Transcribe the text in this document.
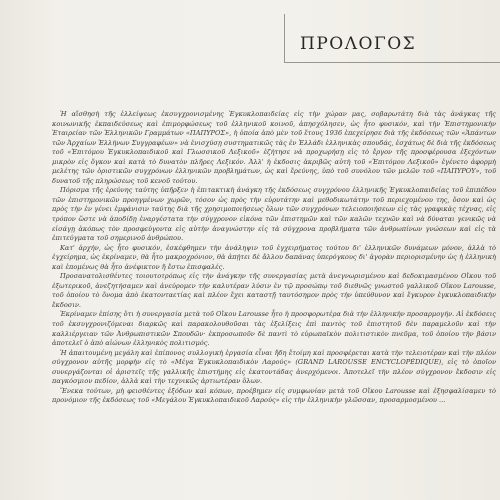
ΠΡΟΛΟΓΟΣ

Ἡ αἴσθησὴ τῆς ἐλλείψεως ἐκσυγχρονισμένης Ἐγκυκλοπαιδείας εἰς τὴν χώραν μας, σοβαρωτάτη διὰ τὰς ἀνάγκας τῆς κοινωνικῆς ἐκπαιδεύσεως καὶ ἐπιμορφώσεως τοῦ ἑλληνικοῦ κοινοῦ, ἀπησχόλησεν, ὡς ἦτο φυσικόν, καὶ τὴν Ἐπιστημονικὴν Ἑταιρείαν τῶν Ἑλληνικῶν Γραμμάτων «ΠΑΠΥΡΟΣ», ἡ ὁποία ἀπὸ μὲν τοῦ ἔτους 1936 ἐπεχείρησε διὰ τῆς ἐκδόσεως τῶν «Ἁπάντων τῶν Ἀρχαίων Ἑλλήνων Συγγραφέων» νὰ ἐνισχύσῃ συστηματικῶς τὰς ἐν Ἑλλάδι ἑλληνικὰς σπουδάς, ἐσχάτως δὲ διὰ τῆς ἐκδόσεως τοῦ «Ἐπιτόμου Ἐγκυκλοπαιδικοῦ καὶ Γλωσσικοῦ Λεξικοῦ» ἐζήτησε νὰ προχωρήσῃ εἰς τὸ ἔργον τῆς προσφέρουσα ἐξεχόντων μικρὸν εἰς ὄγκον καὶ κατὰ τὸ δυνατὸν πλῆρες Λεξικόν. Ἀλλ' ἡ ἐκδοσις ἀκριβῶς αὐτὴ τοῦ «Ἐπιτόμου Λεξικοῦ» ἐγένετο ἀφορμὴ μελέτης τῶν ὁριστικῶν συγχρόνων ἑλληνικῶν προβλημάτων, ὡς καὶ ἔρεύνης, ὑπὸ τοῦ συνόλου τῶν μελῶν τοῦ «ΠΑΠΥΡΟΥ», τοῦ δυνατοῦ τῆς πληρώσεως τοῦ κενοῦ τούτου.

Πόρισμα τῆς ἐρεύνης ταύτης ὑπῆρξεν ἡ ἐπιτακτικὴ ἀνάγκη τῆς ἐκδόσεως συγχρόνου ἑλληνικῆς Ἐγκυκλοπαιδείας τοῦ ἐπιπέδου τῶν ἐπιστημονικῶν προηγμένων χωρῶν, τόσον ὡς πρὸς τὴν εὐρυτάτην καὶ μεθοδικωτάτην τοῦ περιεχομένου της, ὅσον καὶ ὡς πρὸς τὴν ἐν γένει ἐμφάνισιν ταύτης διὰ τῆς χρησιμοποιήσεως ὅλων τῶν συγχρόνων τελειοποιήσεων εἰς τὰς γραφικὰς τέχνας, εἰς τρόπον ὥστε νὰ ἀποδίδῃ ἐναργέστατα τὴν σύγχρονον εἰκόνα τῶν ἐπιστημῶν καὶ τῶν καλῶν τεχνῶν καὶ νὰ δύναται γενικῶς νὰ εἰσάγῃ ἀκόπως τὸν προσφεύγοντα εἰς αὐτὴν ἀναγνώστην εἰς τὰ σύγχρονα προβλήματα τῶν ἀνθρωπίνων γνώσεων καὶ εἰς τὰ ἐπιτεύγματα τοῦ σημερινοῦ ἀνθρώπου.

Κατ' ἀρχήν, ὡς ἦτο φυσικόν, ἐσκέφθημεν τὴν ἀνάληψιν τοῦ ἐγχειρήματος τούτου δι' ἑλληνικῶν δυνάμεων μόνον, ἀλλὰ τὸ ἐγχείρημα, ὡς ἐκρίναμεν, θὰ ἦτο μακροχρόνιον, θὰ ἀπῄτει δὲ ἄλλου δαπάνας ὑπερόγκους δι' ἀγορὰν περιορισμένην ὡς ἡ ἑλληνικὴ καὶ ἑπομένως θὰ ἦτο ἀνέφικτον ἢ ἔστω ἐπισφαλές.

Προσανατολισθέντες τοιουτοτρόπως εἰς τὴν ἀνάγκην τῆς συνεργασίας μετὰ ἀνεγνωρισμένου καὶ δεδοκιμασμένου Οἴκου τοῦ ἐξωτερικοῦ, ἀνεζητήσαμεν καὶ ἀνεύρομεν τὴν καλυτέραν λύσιν ἐν τῷ προσώπῳ τοῦ διεθνῶς γνωστοῦ γαλλικοῦ Οἴκου Larousse, τοῦ ὁποίου τὸ ὄνομα ἀπὸ ἑκατονταετίας καὶ πλέον ἔχει καταστῇ ταυτόσημον πρὸς τὴν ὑπεύθυνον καὶ ἔγκυρον ἐγκυκλοπαιδικὴν ἔκδοσιν.

Ἐκρίναμεν ἐπίσης ὅτι ἡ συνεργασία μετὰ τοῦ Οἴκου Larousse ἦτο ἡ προσφορωτέρα διὰ τὴν ἑλληνικὴν προσαρμογήν. Αἱ ἐκδόσεις τοῦ ἐκσυγχρονιζόμεναι διαρκῶς καὶ παρακολουθοῦσαι τὰς ἐξελίξεις ἐπὶ παντὸς τοῦ ἐπιστητοῦ δὲν παραμελοῦν καὶ τὴν καλλιέργειαν τῶν Ἀνθρωπιστικῶν Σπουδῶν· ἐκπροσωποῦν δὲ παντὶ τὸ εὐρωπαϊκὸν πολιτιστικὸν πνεῦμα, τοῦ ὁποίου τὴν βάσιν ἀποτελεῖ ὁ ἀπὸ αἰώνων ἑλληνικὸς πολιτισμός.

Ἡ ἀπαιτουμένη μεγάλη καὶ ἐπίπονος συλλογικὴ ἐργασία εἶναι ἤδη ἕτοίμη καὶ προσφέρεται κατὰ τὴν τελειοτέραν καὶ τὴν πλέον σύγχρονον αὐτῆς μορφὴν εἰς τὸ «Μέγα Ἐγκυκλοπαιδικὸν Λαρούς» (GRAND LAROUSSE ENCYCLOPÉDIQUE), εἰς τὸ ὁποῖον συνεργάζονται οἱ ἀριστεῖς τῆς γαλλικῆς ἐπιστήμης εἰς ἑκατοντάδας ἀνερχόμενοι. Ἀποτελεῖ τὴν πλέον σύγχρονον ἔκδοσιν εἰς παγκόσμιον πεδίον, ἀλλὰ καὶ τὴν τεχνικῶς ἀρτιωτέραν ὅλων.

Ἕνεκα τούτων, μὴ φεισθέντες ἐξόδων καὶ κόπων, προέβημεν εἰς συμφωνίαν μετὰ τοῦ Οἴκου Larousse καὶ ἐξησφαλίσαμεν τὸ προνόμιον τῆς ἐκδόσεως τοῦ «Μεγάλου Ἐγκυκλοπαιδικοῦ Λαρούς» εἰς τὴν ἑλληνικὴν γλῶσσαν, προσαρμοσμένου ...
